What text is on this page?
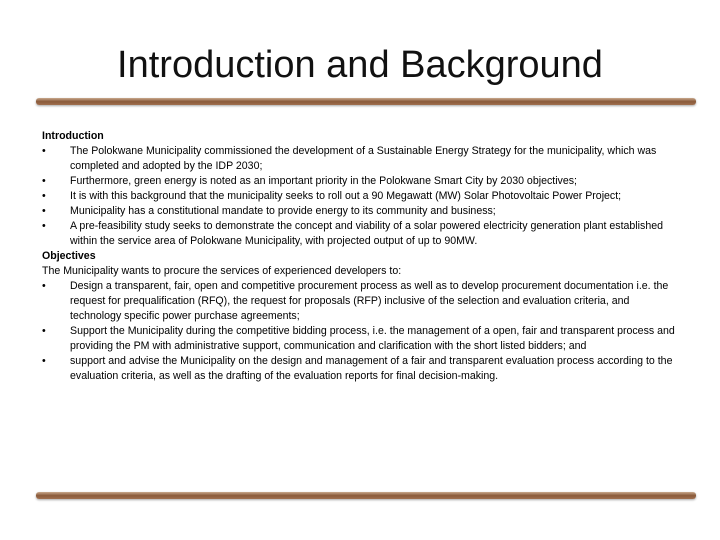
Introduction and Background
Introduction
•	The Polokwane Municipality commissioned the development of a Sustainable Energy Strategy for the municipality, which was completed and adopted by the IDP 2030;
•	Furthermore, green energy is noted as an important priority in the Polokwane Smart City by 2030 objectives;
•	It is with this background that the municipality seeks to roll out a 90 Megawatt (MW) Solar Photovoltaic Power Project;
•	Municipality has a constitutional mandate to provide energy to its community and business;
•	A pre-feasibility study seeks to demonstrate the concept and viability of a solar powered electricity generation plant established within the service area of Polokwane Municipality, with projected output of up to 90MW.
Objectives
The Municipality wants to procure the services of experienced developers to:
•	Design a transparent, fair, open and competitive procurement process as well as to develop procurement documentation i.e. the request for prequalification (RFQ), the request for proposals (RFP) inclusive of the selection and evaluation criteria, and technology specific power purchase agreements;
•	Support the Municipality during the competitive bidding process, i.e. the management of a open, fair and transparent process and providing the PM with administrative support, communication and clarification with the short listed bidders; and
•	support and advise the Municipality on the design and management of a fair and transparent evaluation process according to the evaluation criteria, as well as the drafting of the evaluation reports for final decision-making.
